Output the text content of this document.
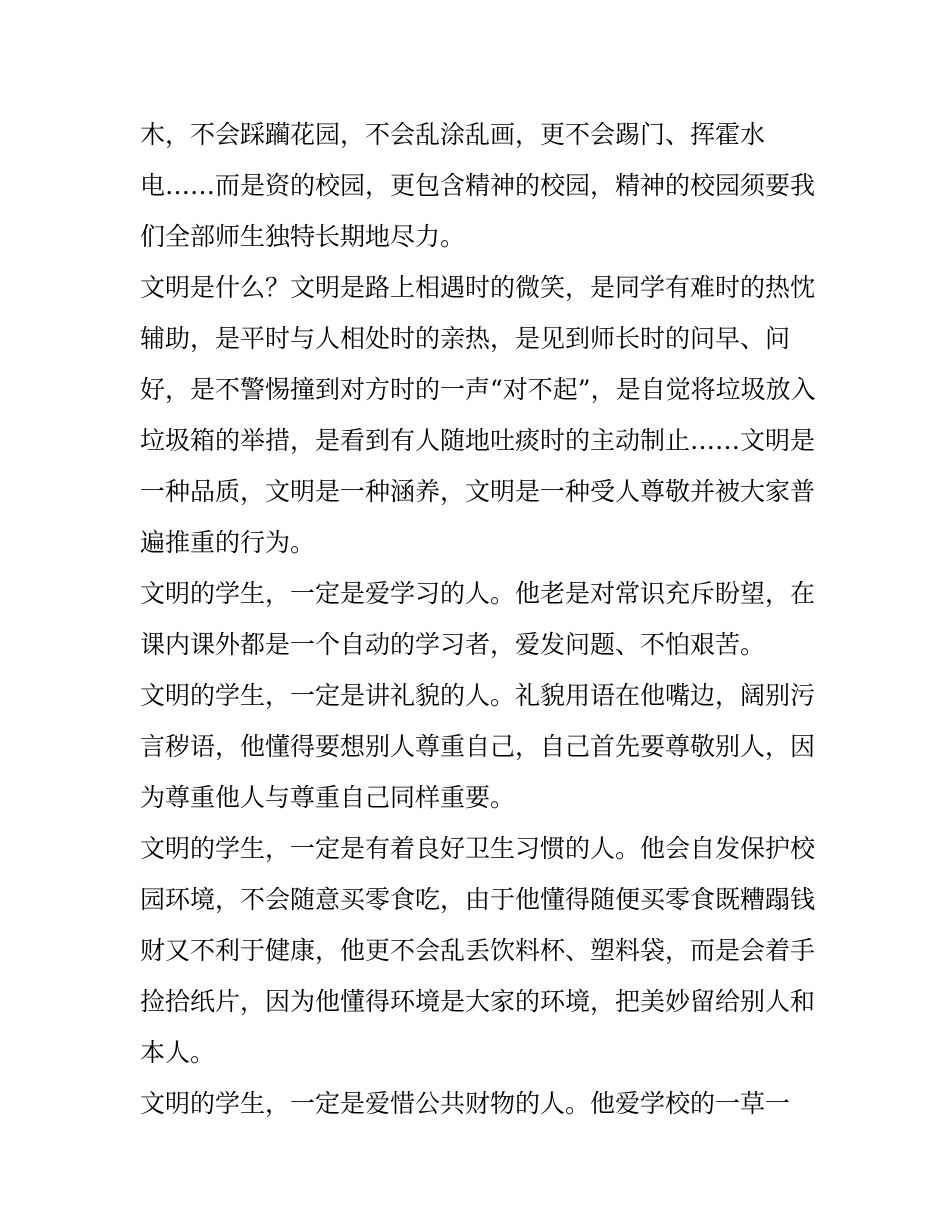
木，不会踩躏花园，不会乱涂乱画，更不会踢门、挥霍水
电……而是资的校园，更包含精神的校园，精神的校园须要我
们全部师生独特长期地尽力。
文明是什么？文明是路上相遇时的微笑，是同学有难时的热忱
辅助，是平时与人相处时的亲热，是见到师长时的问早、问
好，是不警惕撞到对方时的一声“对不起”，是自觉将垃圾放入
垃圾箱的举措，是看到有人随地吐痰时的主动制止……文明是
一种品质，文明是一种涵养，文明是一种受人尊敬并被大家普
遍推重的行为。
文明的学生，一定是爱学习的人。他老是对常识充斥盼望，在
课内课外都是一个自动的学习者，爱发问题、不怕艰苦。
文明的学生，一定是讲礼貌的人。礼貌用语在他嘴边，阔别污
言秽语，他懂得要想别人尊重自己，自己首先要尊敬别人，因
为尊重他人与尊重自己同样重要。
文明的学生，一定是有着良好卫生习惯的人。他会自发保护校
园环境，不会随意买零食吃，由于他懂得随便买零食既糟蹋钱
财又不利于健康，他更不会乱丢饮料杯、塑料袋，而是会着手
捡拾纸片，因为他懂得环境是大家的环境，把美妙留给别人和
本人。
文明的学生，一定是爱惜公共财物的人。他爱学校的一草一
